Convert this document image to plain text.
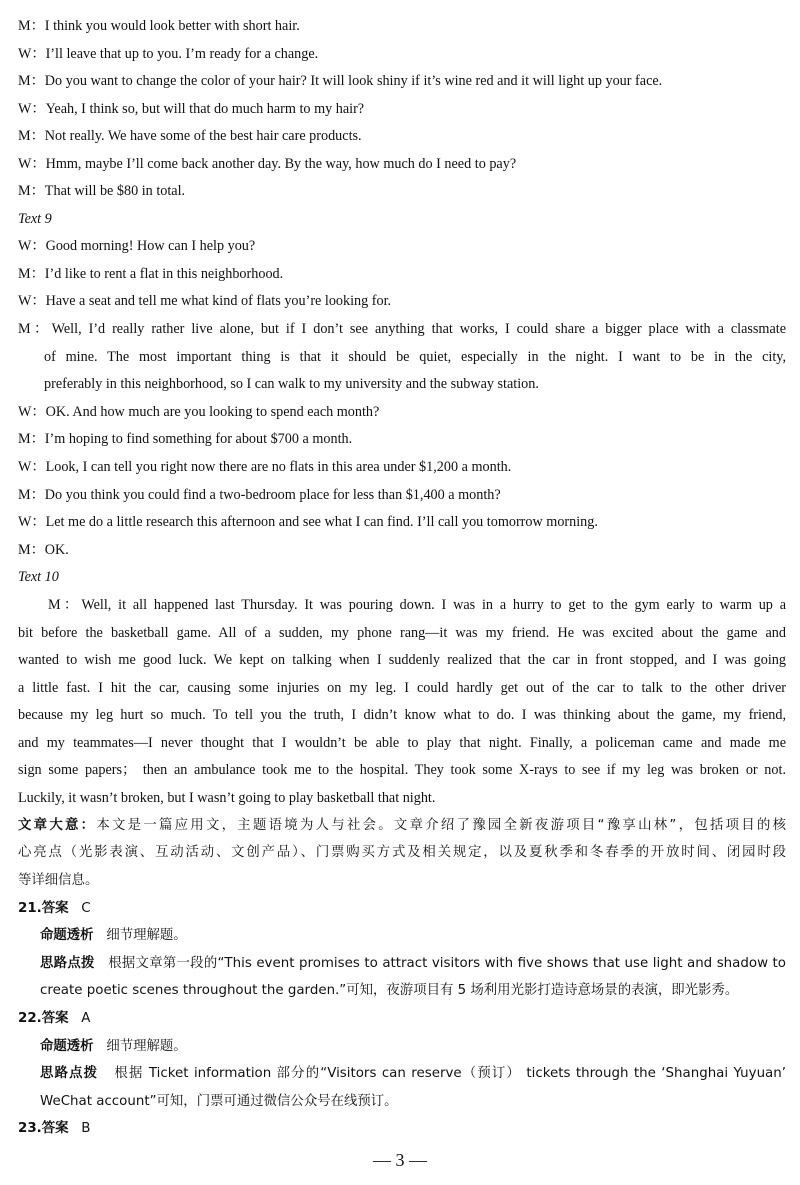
M：I think you would look better with short hair.
W：I’ll leave that up to you. I’m ready for a change.
M：Do you want to change the color of your hair? It will look shiny if it’s wine red and it will light up your face.
W：Yeah, I think so, but will that do much harm to my hair?
M：Not really. We have some of the best hair care products.
W：Hmm, maybe I’ll come back another day. By the way, how much do I need to pay?
M：That will be $80 in total.
Text 9
W：Good morning! How can I help you?
M：I’d like to rent a flat in this neighborhood.
W：Have a seat and tell me what kind of flats you’re looking for.
M：Well, I’d really rather live alone, but if I don’t see anything that works, I could share a bigger place with a classmate
of mine. The most important thing is that it should be quiet, especially in the night. I want to be in the city,
preferably in this neighborhood, so I can walk to my university and the subway station.
W：OK. And how much are you looking to spend each month?
M：I’m hoping to find something for about $700 a month.
W：Look, I can tell you right now there are no flats in this area under $1,200 a month.
M：Do you think you could find a two-bedroom place for less than $1,400 a month?
W：Let me do a little research this afternoon and see what I can find. I’ll call you tomorrow morning.
M：OK.
Text 10
M：Well, it all happened last Thursday. It was pouring down. I was in a hurry to get to the gym early to warm up a
bit before the basketball game. All of a sudden, my phone rang—it was my friend. He was excited about the game and
wanted to wish me good luck. We kept on talking when I suddenly realized that the car in front stopped, and I was going
a little fast. I hit the car, causing some injuries on my leg. I could hardly get out of the car to talk to the other driver
because my leg hurt so much. To tell you the truth, I didn’t know what to do. I was thinking about the game, my friend,
and my teammates—I never thought that I wouldn’t be able to play that night. Finally, a policeman came and made me
sign some papers； then an ambulance took me to the hospital. They took some X-rays to see if my leg was broken or not.
Luckily, it wasn’t broken, but I wasn’t going to play basketball that night.
文章大意：本文是一篇应用文，主题语境为人与社会。文章介绍了豫园全新夜游项目“豫享山林”，包括项目的核
心亮点（光影表演、互动活动、文创产品）、门票购买方式及相关规定，以及夏秋季和冬春季的开放时间、闭园时段
等详细信息。
21.答案 C
命题透析 细节理解题。
思路点拨 根据文章第一段的“This event promises to attract visitors with five shows that use light and shadow to
create poetic scenes throughout the garden.”可知，夜游项目有 5 场利用光影打造诗意场景的表演，即光影秀。
22.答案 A
命题透析 细节理解题。
思路点拨 根据 Ticket information 部分的“Visitors can reserve（预订） tickets through the ‘Shanghai Yuyuan’
WeChat account”可知，门票可通过微信公众号在线预订。
23.答案 B
— 3 —
